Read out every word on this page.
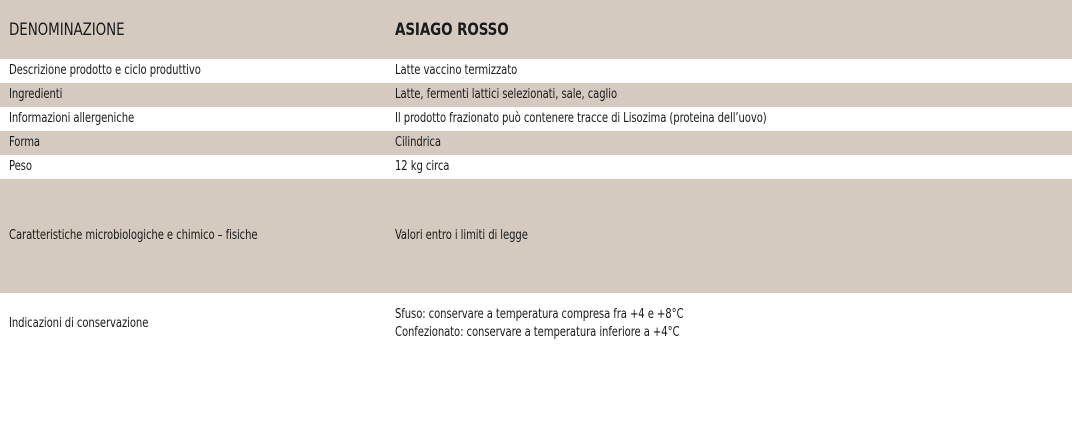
DENOMINAZIONE	ASIAGO ROSSO
Descrizione prodotto e ciclo produttivo	Latte vaccino termizzato
Ingredienti	Latte, fermenti lattici selezionati, sale, caglio
Informazioni allergeniche	Il prodotto frazionato può contenere tracce di Lisozima (proteina dell’uovo)
Forma	Cilindrica
Peso	12 kg circa
Caratteristiche microbiologiche e chimico – fisiche	Valori entro i limiti di legge
Indicazioni di conservazione	Sfuso: conservare a temperatura compresa fra +4 e +8°C
Confezionato: conservare a temperatura inferiore a +4°C
